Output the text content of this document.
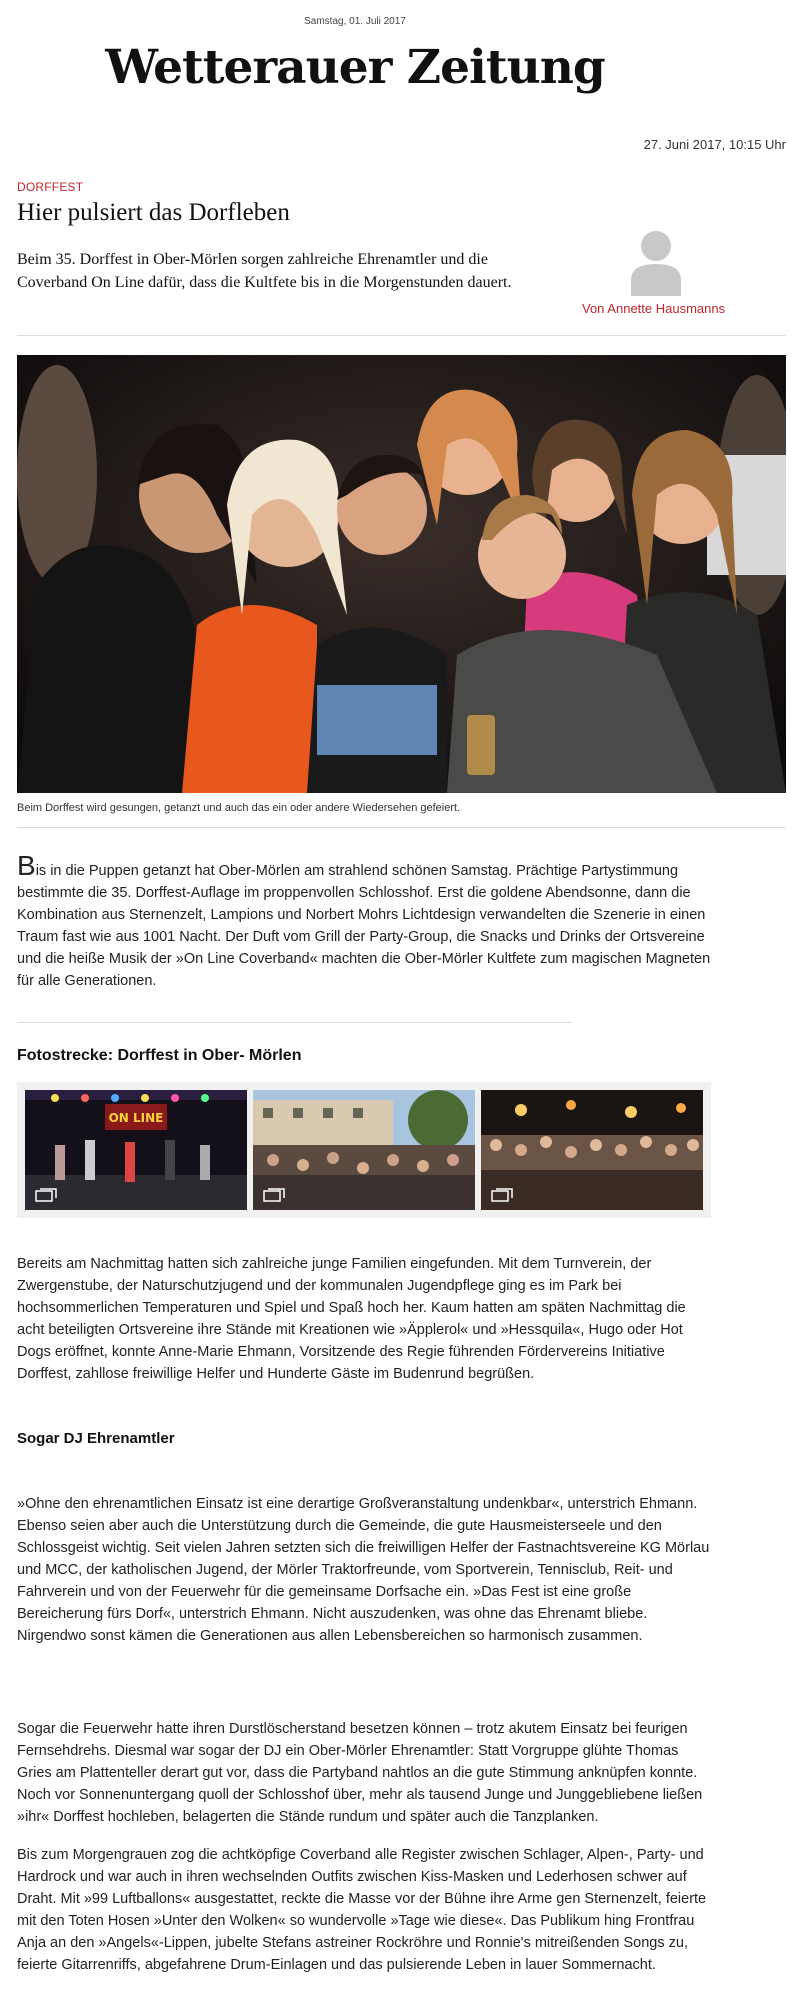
Samstag, 01. Juli 2017
Wetterauer Zeitung
27. Juni 2017, 10:15 Uhr
DORFFEST
Hier pulsiert das Dorfleben
Beim 35. Dorffest in Ober-Mörlen sorgen zahlreiche Ehrenamtler und die Coverband On Line dafür, dass die Kultfete bis in die Morgenstunden dauert.
Von Annette Hausmanns
Beim Dorffest wird gesungen, getanzt und auch das ein oder andere Wiedersehen gefeiert.

Bis in die Puppen getanzt hat Ober-Mörlen am strahlend schönen Samstag. Prächtige Partystimmung bestimmte die 35. Dorffest-Auflage im proppenvollen Schlosshof. Erst die goldene Abendsonne, dann die Kombination aus Sternenzelt, Lampions und Norbert Mohrs Lichtdesign verwandelten die Szenerie in einen Traum fast wie aus 1001 Nacht. Der Duft vom Grill der Party-Group, die Snacks und Drinks der Ortsvereine und die heiße Musik der »On Line Coverband« machten die Ober-Mörler Kultfete zum magischen Magneten für alle Generationen.

Fotostrecke: Dorffest in Ober- Mörlen
ON LINE

Bereits am Nachmittag hatten sich zahlreiche junge Familien eingefunden. Mit dem Turnverein, der Zwergenstube, der Naturschutzjugend und der kommunalen Jugendpflege ging es im Park bei hochsommerlichen Temperaturen und Spiel und Spaß hoch her. Kaum hatten am späten Nachmittag die acht beteiligten Ortsvereine ihre Stände mit Kreationen wie »Äpplerol« und »Hessquila«, Hugo oder Hot Dogs eröffnet, konnte Anne-Marie Ehmann, Vorsitzende des Regie führenden Fördervereins Initiative Dorffest, zahllose freiwillige Helfer und Hunderte Gäste im Budenrund begrüßen.

Sogar DJ Ehrenamtler

»Ohne den ehrenamtlichen Einsatz ist eine derartige Großveranstaltung undenkbar«, unterstrich Ehmann. Ebenso seien aber auch die Unterstützung durch die Gemeinde, die gute Hausmeisterseele und den Schlossgeist wichtig. Seit vielen Jahren setzten sich die freiwilligen Helfer der Fastnachtsvereine KG Mörlau und MCC, der katholischen Jugend, der Mörler Traktorfreunde, vom Sportverein, Tennisclub, Reit- und Fahrverein und von der Feuerwehr für die gemeinsame Dorfsache ein. »Das Fest ist eine große Bereicherung fürs Dorf«, unterstrich Ehmann. Nicht auszudenken, was ohne das Ehrenamt bliebe. Nirgendwo sonst kämen die Generationen aus allen Lebensbereichen so harmonisch zusammen.

Sogar die Feuerwehr hatte ihren Durstlöscherstand besetzen können – trotz akutem Einsatz bei feurigen Fernsehdrehs. Diesmal war sogar der DJ ein Ober-Mörler Ehrenamtler: Statt Vorgruppe glühte Thomas Gries am Plattenteller derart gut vor, dass die Partyband nahtlos an die gute Stimmung anknüpfen konnte. Noch vor Sonnenuntergang quoll der Schlosshof über, mehr als tausend Junge und Junggebliebene ließen »ihr« Dorffest hochleben, belagerten die Stände rundum und später auch die Tanzplanken.

Bis zum Morgengrauen zog die achtköpfige Coverband alle Register zwischen Schlager, Alpen-, Party- und Hardrock und war auch in ihren wechselnden Outfits zwischen Kiss-Masken und Lederhosen schwer auf Draht. Mit »99 Luftballons« ausgestattet, reckte die Masse vor der Bühne ihre Arme gen Sternenzelt, feierte mit den Toten Hosen »Unter den Wolken« so wundervolle »Tage wie diese«. Das Publikum hing Frontfrau Anja an den »Angels«-Lippen, jubelte Stefans astreiner Rockröhre und Ronnie's mitreißenden Songs zu, feierte Gitarrenriffs, abgefahrene Drum-Einlagen und das pulsierende Leben in lauer Sommernacht.
